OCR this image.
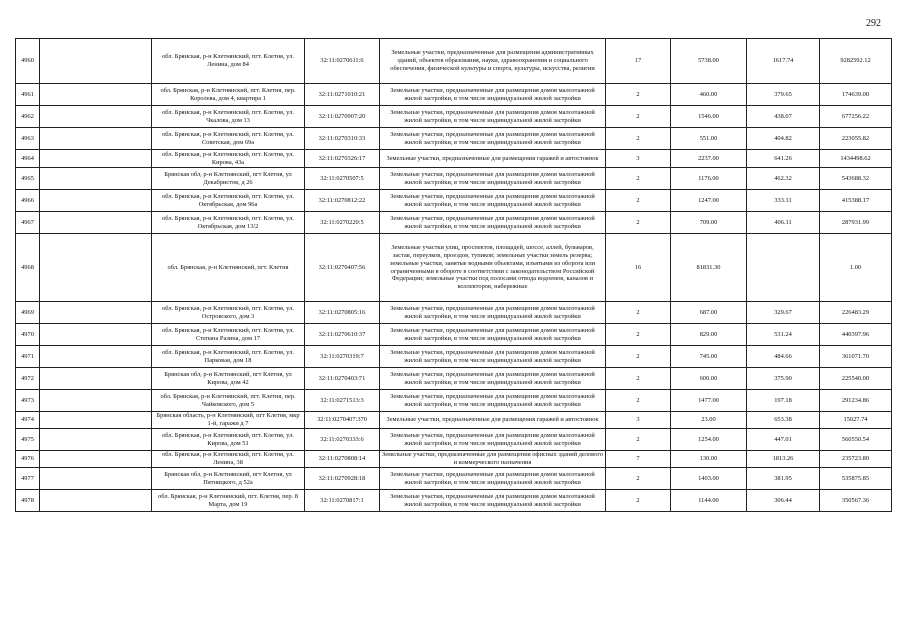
292
4960		обл. Брянская, р-н Клетнянский, пгт. Клетня, ул. Ленина, дом 84	32:11:0270611:6	Земельные участки, предназначенные для размещения административных зданий, объектов образования, науки, здравоохранения и социального обеспечения, физической культуры и спорта, культуры, искусства, религии	17	5738.00	1617.74	9282592.12
4961		обл. Брянская, р-н Клетнянский, пгт. Клетня, пер. Королева, дом 4, квартира 1	32:11:0271010:21	Земельные участки, предназначенные для размещения домов малоэтажной жилой застройки, в том числе индивидуальной жилой застройки	2	460.00	379.65	174639.00
4962		обл. Брянская, р-н Клетнянский, пгт. Клетня, ул. Чкалова, дом 13	32:11:0270907:20	Земельные участки, предназначенные для размещения домов малоэтажной жилой застройки, в том числе индивидуальной жилой застройки	2	1546.00	438.07	677256.22
4963		обл. Брянская, р-н Клетнянский, пгт. Клетня, ул. Советская, дом 69а	32:11:0270310:33	Земельные участки, предназначенные для размещения домов малоэтажной жилой застройки, в том числе индивидуальной жилой застройки	2	551.00	404.82	223055.82
4964		обл. Брянская, р-н Клетнянский, пгт. Клетня, ул. Кирова, 43а	32:11:0270326:17	Земельные участки, предназначенные для размещения гаражей и автостоянок	3	2237.00	641.26	1434498.62
4965		Брянская обл, р-н Клетнянский, пгт Клетня, ул Декабристов, д 26	32:11:0270507:5	Земельные участки, предназначенные для размещения домов малоэтажной жилой застройки, в том числе индивидуальной жилой застройки	2	1176.00	462.32	543688.32
4966		обл. Брянская, р-н Клетнянский, пгт. Клетня, ул. Октябрьская, дом 96а	32:11:0270812:22	Земельные участки, предназначенные для размещения домов малоэтажной жилой застройки, в том числе индивидуальной жилой застройки	2	1247.00	333.11	415388.17
4967		обл. Брянская, р-н Клетнянский, пгт. Клетня, ул. Октябрьская, дом 13/2	32:11:0270220:5	Земельные участки, предназначенные для размещения домов малоэтажной жилой застройки, в том числе индивидуальной жилой застройки	2	709.00	406.11	287931.99
4968		обл. Брянская, р-н Клетнянский, пгт. Клетня	32:11:0270407:56	Земельные участки улиц, проспектов, площадей, шоссе, аллей, бульваров, застав, переулков, проездов, тупиков; земельные участки земель резерва; земельные участки, занятые водными объектами, изъятыми из оборота или ограниченными в обороте в соответствии с законодательством Российской Федерации; земельные участки под полосами отвода водоемов, каналов и коллекторов, набережные	16	81831.30		1.00
4969		обл. Брянская, р-н Клетнянский, пгт. Клетня, ул. Островского, дом 3	32:11:0270805:16	Земельные участки, предназначенные для размещения домов малоэтажной жилой застройки, в том числе индивидуальной жилой застройки	2	687.00	329.67	226483.29
4970		обл. Брянская, р-н Клетнянский, пгт. Клетня, ул. Степана Разина, дом 17	32:11:0270610:37	Земельные участки, предназначенные для размещения домов малоэтажной жилой застройки, в том числе индивидуальной жилой застройки	2	829.00	531.24	440397.96
4971		обл. Брянская, р-н Клетнянский, пгт. Клетня, ул. Парковая, дом 18	32:11:0270319:7	Земельные участки, предназначенные для размещения домов малоэтажной жилой застройки, в том числе индивидуальной жилой застройки	2	745.00	484.66	361071.70
4972		Брянская обл, р-н Клетнянский, пгт Клетня, ул Кирова, дом 42	32:11:0270403:71	Земельные участки, предназначенные для размещения домов малоэтажной жилой застройки, в том числе индивидуальной жилой застройки	2	600.00	375.90	225540.00
4973		обл. Брянская, р-н Клетнянский, пгт. Клетня, пер. Чайковского, дом 5	32:11:0271513:3	Земельные участки, предназначенные для размещения домов малоэтажной жилой застройки, в том числе индивидуальной жилой застройки	2	1477.00	197.18	291234.86
4974		Брянская область, р-н Клетнянский, пгт Клетня, мкр 1-й, гаражи д 7	32:11:0270407:370	Земельные участки, предназначенные для размещения гаражей и автостоянок	3	23.00	653.38	15027.74
4975		обл. Брянская, р-н Клетнянский, пгт. Клетня, ул. Кирова, дом 51	32:11:0270333:6	Земельные участки, предназначенные для размещения домов малоэтажной жилой застройки, в том числе индивидуальной жилой застройки	2	1254.00	447.01	560550.54
4976		обл. Брянская, р-н Клетнянский, пгт. Клетня, ул. Ленина, 38	32:11:0270808:14	Земельные участки, предназначенные для размещения офисных зданий делового и коммерческого назначения	7	130.00	1813.26	235723.80
4977		Брянская обл, р-н Клетнянский, пгт Клетня, ул Пятницкого, д 52а	32:11:0270928:18	Земельные участки, предназначенные для размещения домов малоэтажной жилой застройки, в том числе индивидуальной жилой застройки	2	1403.00	381.95	535875.85
4978		обл. Брянская, р-н Клетнянский, пгт. Клетня, пер. 8 Марта, дом 19	32:11:0270817:1	Земельные участки, предназначенные для размещения домов малоэтажной жилой застройки, в том числе индивидуальной жилой застройки	2	1144.00	306.44	350567.36
